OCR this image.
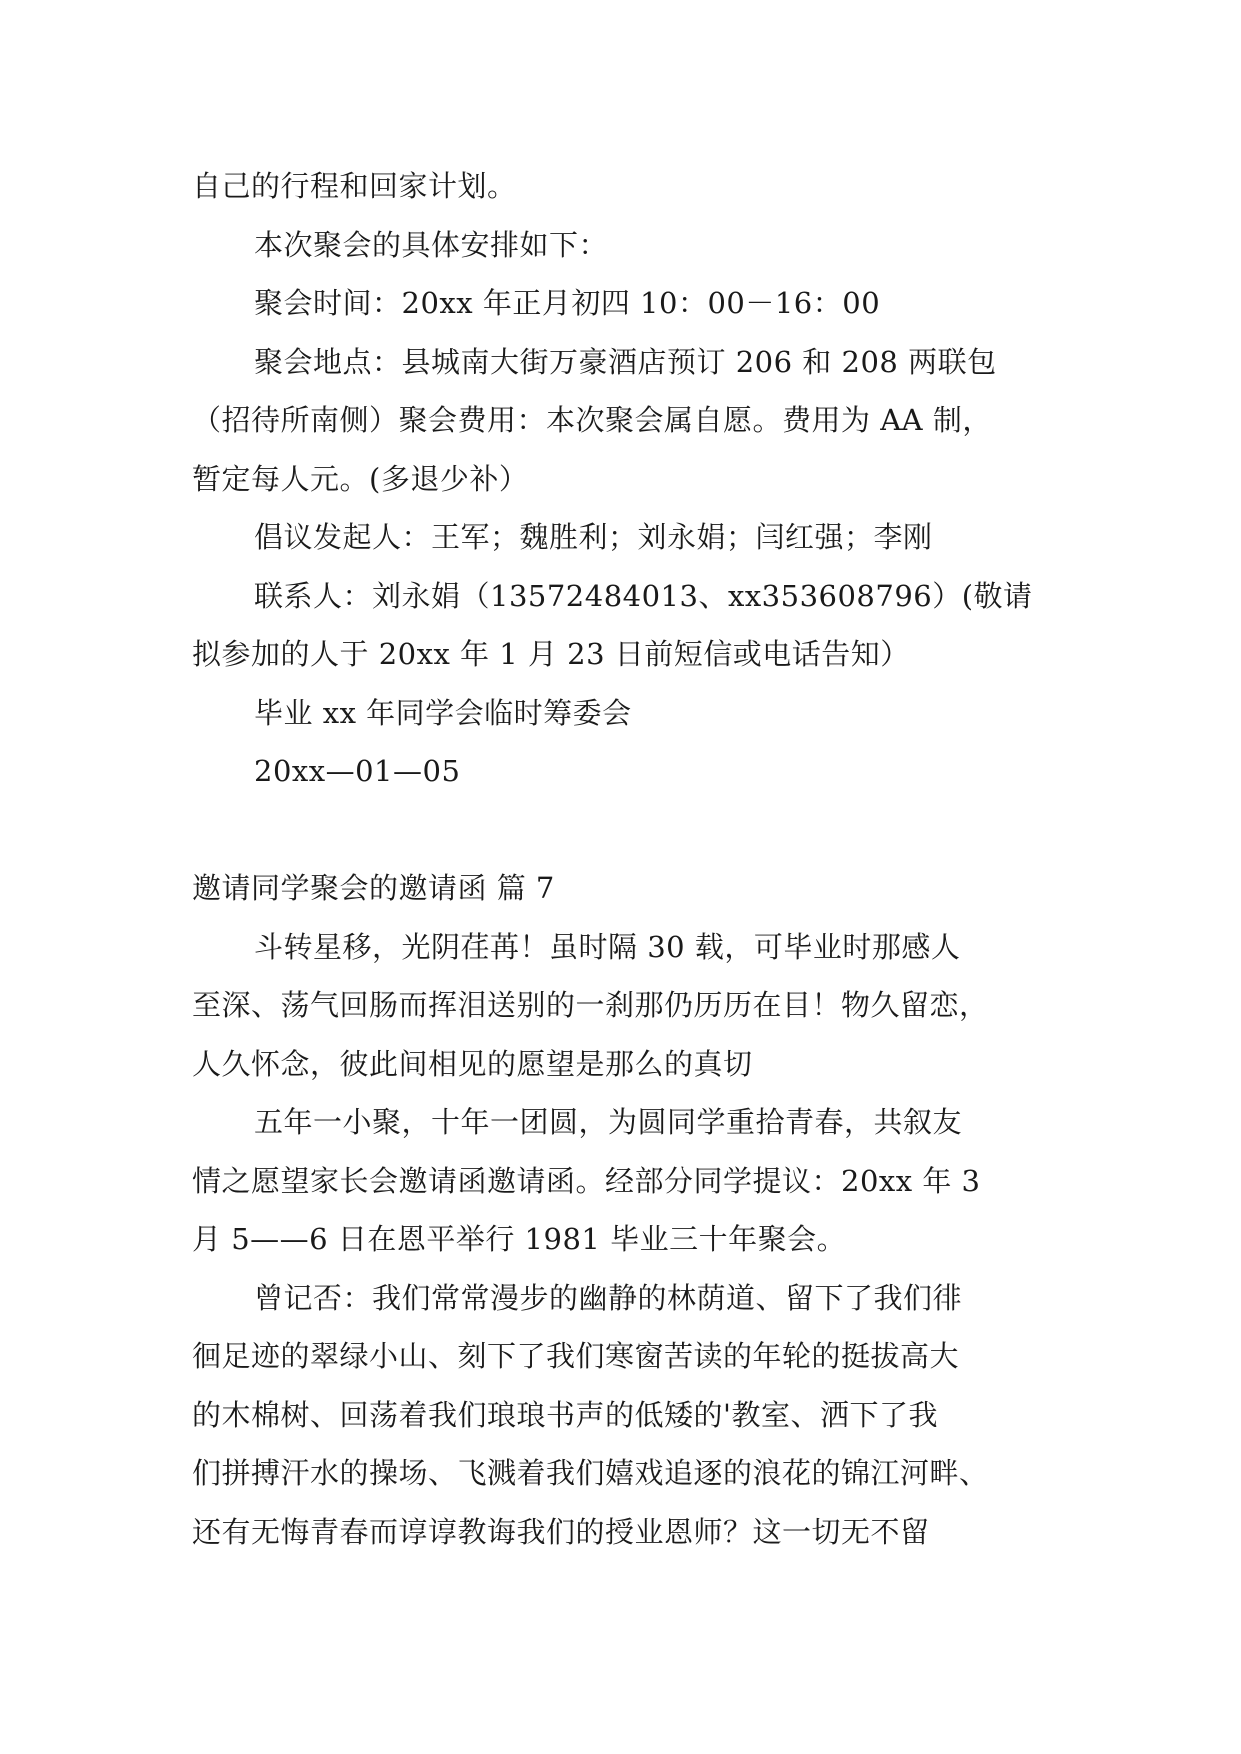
自己的行程和回家计划。
本次聚会的具体安排如下：
聚会时间：20xx 年正月初四 10：00－16：00
聚会地点：县城南大街万豪酒店预订 206 和 208 两联包
（招待所南侧）聚会费用：本次聚会属自愿。费用为 AA 制，
暂定每人元。(多退少补）
倡议发起人：王军；魏胜利；刘永娟；闫红强；李刚
联系人：刘永娟（13572484013、xx353608796）(敬请
拟参加的人于 20xx 年 1 月 23 日前短信或电话告知）
毕业 xx 年同学会临时筹委会
20xx—01—05
邀请同学聚会的邀请函 篇 7
斗转星移，光阴荏苒！虽时隔 30 载，可毕业时那感人
至深、荡气回肠而挥泪送别的一刹那仍历历在目！物久留恋，
人久怀念，彼此间相见的愿望是那么的真切
五年一小聚，十年一团圆，为圆同学重拾青春，共叙友
情之愿望家长会邀请函邀请函。经部分同学提议：20xx 年 3
月 5——6 日在恩平举行 1981 毕业三十年聚会。
曾记否：我们常常漫步的幽静的林荫道、留下了我们徘
徊足迹的翠绿小山、刻下了我们寒窗苦读的年轮的挺拔高大
的木棉树、回荡着我们琅琅书声的低矮的'教室、洒下了我
们拼搏汗水的操场、飞溅着我们嬉戏追逐的浪花的锦江河畔、
还有无悔青春而谆谆教诲我们的授业恩师？这一切无不留
